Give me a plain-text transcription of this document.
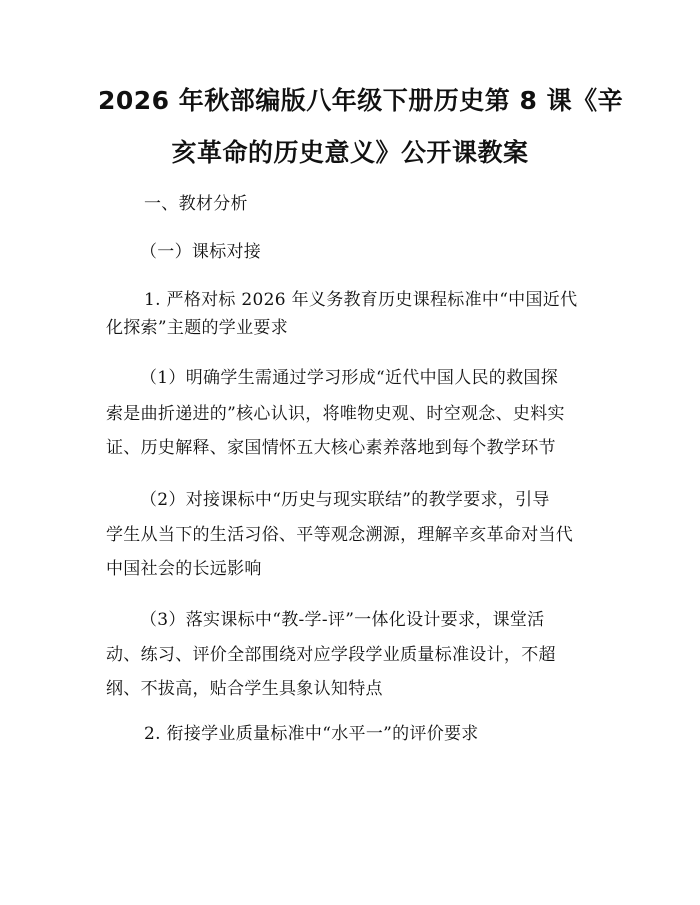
2026 年秋部编版八年级下册历史第 8 课《辛
亥革命的历史意义》公开课教案
一、教材分析
（一）课标对接
1. 严格对标 2026 年义务教育历史课程标准中“中国近代
化探索”主题的学业要求
（1）明确学生需通过学习形成“近代中国人民的救国探
索是曲折递进的”核心认识，将唯物史观、时空观念、史料实
证、历史解释、家国情怀五大核心素养落地到每个教学环节
（2）对接课标中“历史与现实联结”的教学要求，引导
学生从当下的生活习俗、平等观念溯源，理解辛亥革命对当代
中国社会的长远影响
（3）落实课标中“教-学-评”一体化设计要求，课堂活
动、练习、评价全部围绕对应学段学业质量标准设计，不超
纲、不拔高，贴合学生具象认知特点
2. 衔接学业质量标准中“水平一”的评价要求
